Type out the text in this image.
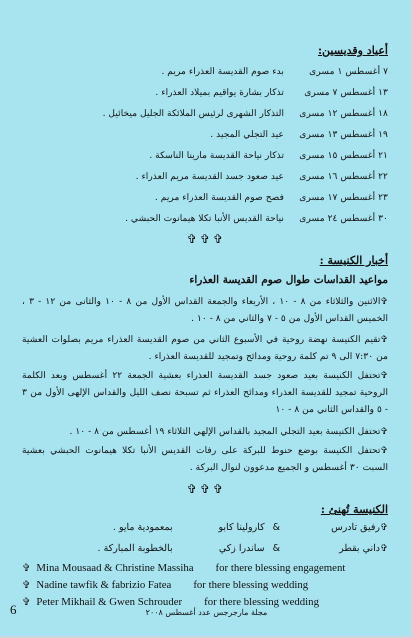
أعياد وقديسين:
٧ أغسطس ١ مسرىبدء صوم القديسة العذراء مريم .
١٣ أغسطس ٧ مسرىتذكار بشارة يواقيم بميلاد العذراء .
١٨ أغسطس ١٢ مسرىالتذكار الشهرى لرئيس الملائكة الجليل ميخائيل .
١٩ أغسطس ١٣ مسرىعيد التجلي المجيد .
٢١ أغسطس ١٥ مسرىتذكار نياحة القديسة مارينا الناسكة .
٢٢ أغسطس ١٦ مسرىعيد صعود جسد القديسة مريم العذراء .
٢٣ أغسطس ١٧ مسرىفصح صوم القديسة العذراء مريم .
٣٠ أغسطس ٢٤ مسرىنياحة القديس الأنبا تكلا هيمانوت الحبشي .
✞✞✞
أخبار الكنيسة :
مواعيد القداسات طوال صوم القديسة العذراء
✞الاثنين والثلاثاء من ٨ - ١٠ ، الأربعاء والجمعة القداس الأول من ٨ - ١٠ والثانى من ١٢ - ٣ ، الخميس القداس الأول من ٥ - ٧ والثاني من ٨ - ١٠ .
✞تقيم الكنيسة نهضة روحية في الأسبوع الثاني من صوم القديسة العذراء مريم بصلوات العشية من ٧:٣٠ الى ٩ تم كلمة روحية ومدائح وتمجيد للقديسة العذراء .
✞تحتفل الكنيسة بعيد صعود جسد القديسة العذراء بعشية الجمعة ٢٢ أغسطس وبعد الكلمة الروحية تمجيد للقديسة العذراء ومدائح العذراء ثم تسبحة نصف الليل والقداس الإلهى الأول من ٣ - ٥ والقداس الثاني من ٨ - ١٠
✞تحتفل الكنيسة بعيد التجلي المجيد بالقداس الإلهي الثلاثاء ١٩ أغسطس من ٨ - ١٠ .
✞تحتفل الكنيسة بوضع حنوط للبركة على رفات القديس الأنبا تكلا هيمانوت الحبشي بعشية السبت ٣٠ أغسطس و الجميع مدعوون لنوال البركة .
✞✞✞
الكنيسة تُهنئ :
✞رفيق تادرس&كارولينا كابوبمعمودية مايو .
✞داني بقطر&ساندرا زكيبالخطوبة المباركة .
✞ Mina Mousaad & Christine Massiha for there blessing engagement
✞ Nadine tawfik & fabrizio Fatea for there blessing wedding
✞ Peter Mikhail & Gwen Schrouder for there blessing wedding
6	مجلة مارجرجس عدد أغسطس ٢٠٠٨
